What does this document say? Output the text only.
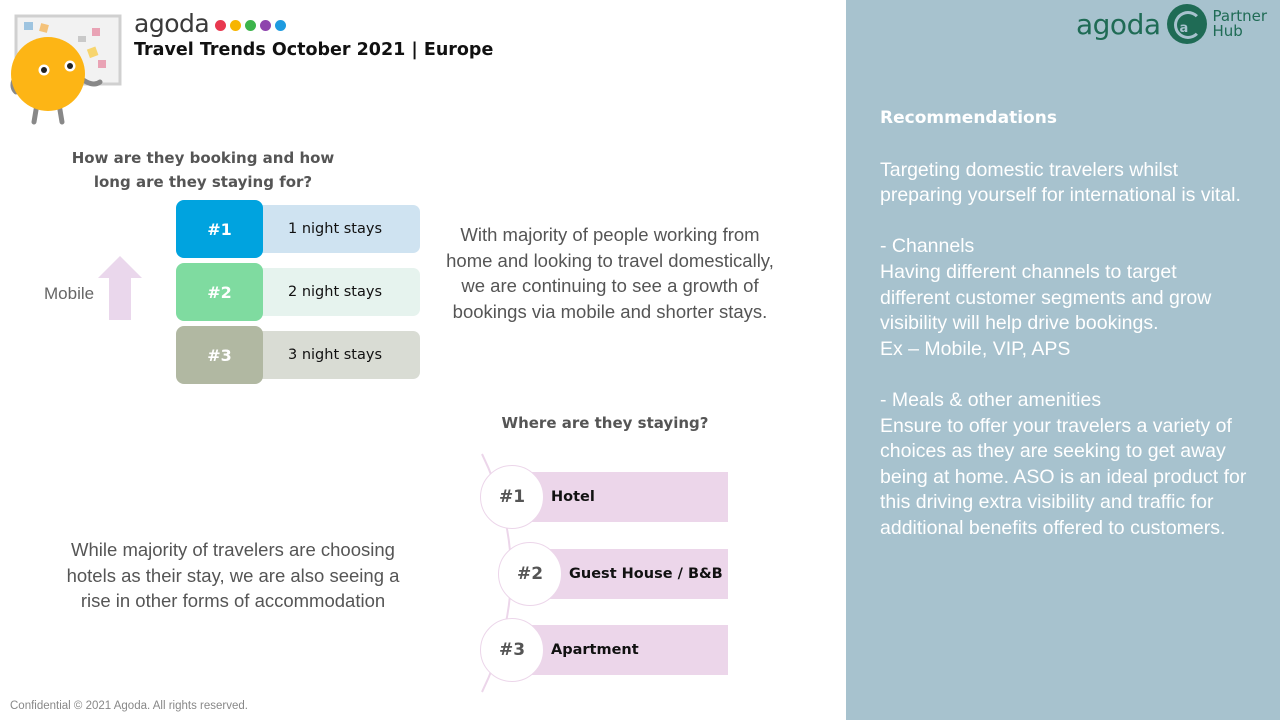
agoda a
Partner
Hub
Recommendations

Targeting domestic travelers whilst preparing yourself for international is vital.

- Channels

Having different channels to target different customer segments and grow visibility will help drive bookings.

Ex – Mobile, VIP, APS

- Meals & other amenities

Ensure to offer your travelers a variety of choices as they are seeking to get away being at home. ASO is an ideal product for this driving extra visibility and traffic for additional benefits offered to customers.

agoda
Travel Trends October 2021 | Europe
How are they booking and how
long are they staying for?
Mobile
1 night stays
#1
2 night stays
#2
3 night stays
#3
With majority of people working from home and looking to travel domestically, we are continuing to see a growth of bookings via mobile and shorter stays.
Where are they staying?
Hotel
#1
Guest House / B&B
#2
Apartment
#3
While majority of travelers are choosing hotels as their stay, we are also seeing a rise in other forms of accommodation
Confidential © 2021 Agoda. All rights reserved.
